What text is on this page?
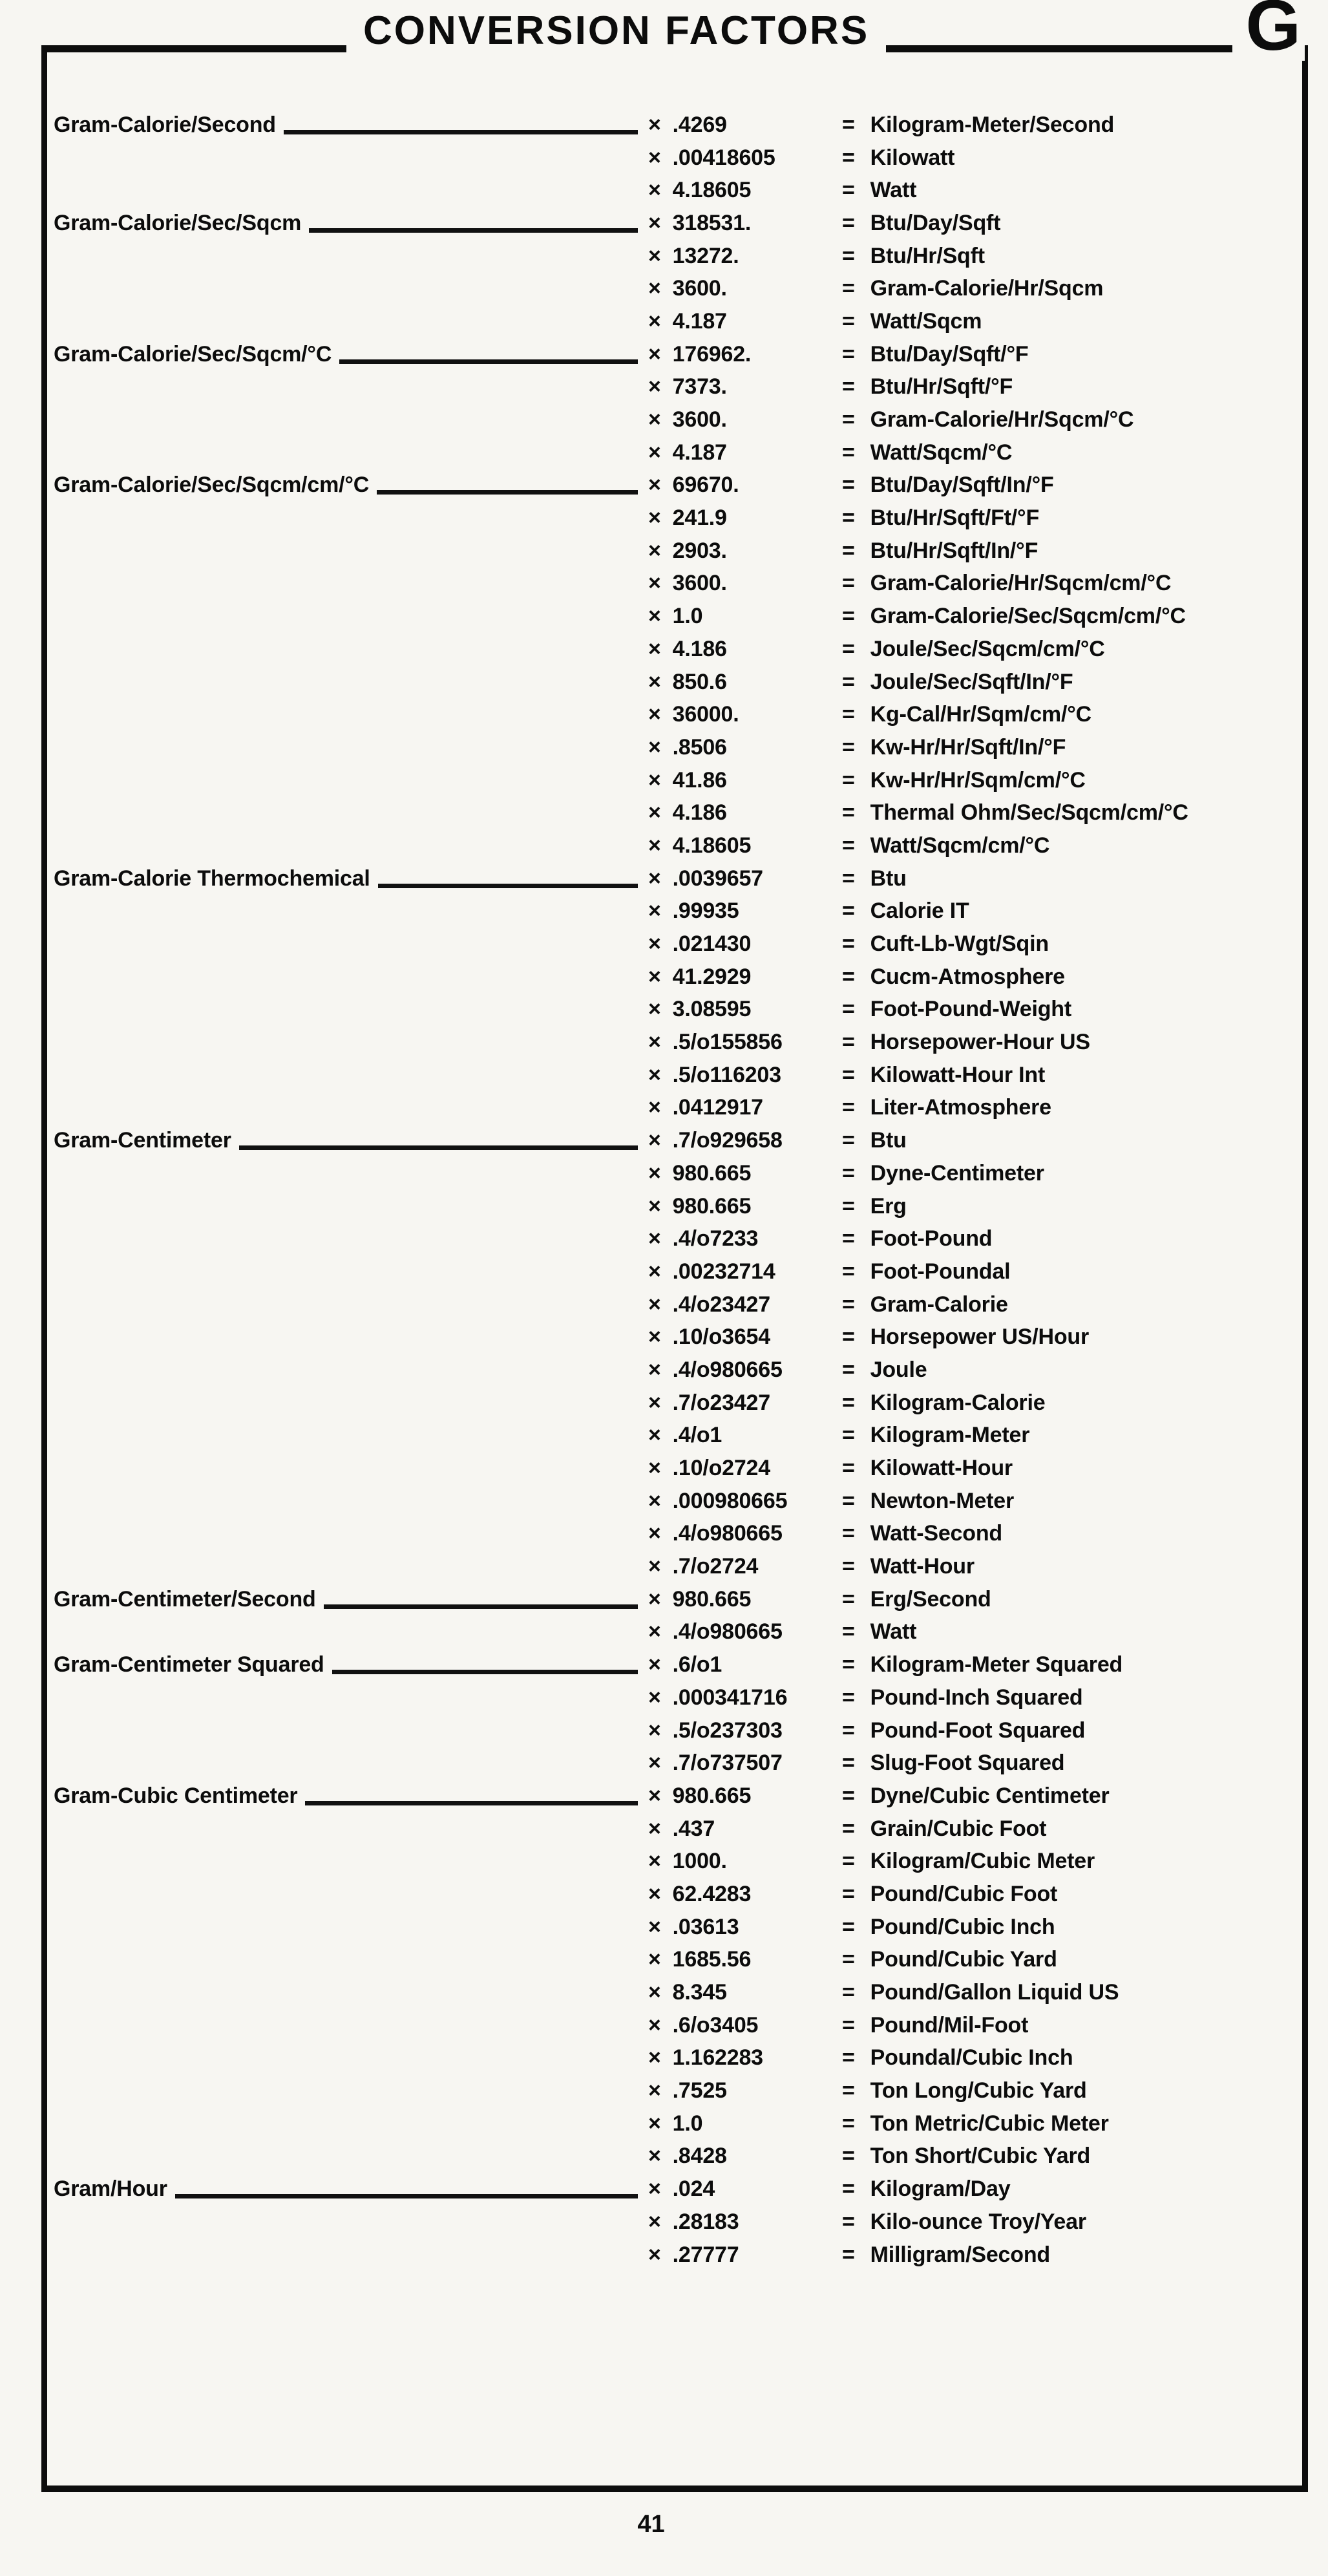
CONVERSION FACTORS	G
Gram-Calorie/Second	× .4269	= Kilogram-Meter/Second
× .00418605	= Kilowatt
× 4.18605	= Watt
Gram-Calorie/Sec/Sqcm	× 318531.	= Btu/Day/Sqft
× 13272.	= Btu/Hr/Sqft
× 3600.	= Gram-Calorie/Hr/Sqcm
× 4.187	= Watt/Sqcm
Gram-Calorie/Sec/Sqcm/°C	× 176962.	= Btu/Day/Sqft/°F
× 7373.	= Btu/Hr/Sqft/°F
× 3600.	= Gram-Calorie/Hr/Sqcm/°C
× 4.187	= Watt/Sqcm/°C
Gram-Calorie/Sec/Sqcm/cm/°C	× 69670.	= Btu/Day/Sqft/In/°F
× 241.9	= Btu/Hr/Sqft/Ft/°F
× 2903.	= Btu/Hr/Sqft/In/°F
× 3600.	= Gram-Calorie/Hr/Sqcm/cm/°C
× 1.0	= Gram-Calorie/Sec/Sqcm/cm/°C
× 4.186	= Joule/Sec/Sqcm/cm/°C
× 850.6	= Joule/Sec/Sqft/In/°F
× 36000.	= Kg-Cal/Hr/Sqm/cm/°C
× .8506	= Kw-Hr/Hr/Sqft/In/°F
× 41.86	= Kw-Hr/Hr/Sqm/cm/°C
× 4.186	= Thermal Ohm/Sec/Sqcm/cm/°C
× 4.18605	= Watt/Sqcm/cm/°C
Gram-Calorie Thermochemical	× .0039657	= Btu
× .99935	= Calorie IT
× .021430	= Cuft-Lb-Wgt/Sqin
× 41.2929	= Cucm-Atmosphere
× 3.08595	= Foot-Pound-Weight
× .5/o155856	= Horsepower-Hour US
× .5/o116203	= Kilowatt-Hour Int
× .0412917	= Liter-Atmosphere
Gram-Centimeter	× .7/o929658	= Btu
× 980.665	= Dyne-Centimeter
× 980.665	= Erg
× .4/o7233	= Foot-Pound
× .00232714	= Foot-Poundal
× .4/o23427	= Gram-Calorie
× .10/o3654	= Horsepower US/Hour
× .4/o980665	= Joule
× .7/o23427	= Kilogram-Calorie
× .4/o1	= Kilogram-Meter
× .10/o2724	= Kilowatt-Hour
× .000980665 = Newton-Meter
× .4/o980665	= Watt-Second
× .7/o2724	= Watt-Hour
Gram-Centimeter/Second	× 980.665	= Erg/Second
× .4/o980665	= Watt
Gram-Centimeter Squared	× .6/o1	= Kilogram-Meter Squared
× .000341716 = Pound-Inch Squared
× .5/o237303	= Pound-Foot Squared
× .7/o737507	= Slug-Foot Squared
Gram-Cubic Centimeter	× 980.665	= Dyne/Cubic Centimeter
× .437	= Grain/Cubic Foot
× 1000.	= Kilogram/Cubic Meter
× 62.4283	= Pound/Cubic Foot
× .03613	= Pound/Cubic Inch
× 1685.56	= Pound/Cubic Yard
× 8.345	= Pound/Gallon Liquid US
× .6/o3405	= Pound/Mil-Foot
× 1.162283	= Poundal/Cubic Inch
× .7525	= Ton Long/Cubic Yard
× 1.0	= Ton Metric/Cubic Meter
× .8428	= Ton Short/Cubic Yard
Gram/Hour	× .024	= Kilogram/Day
× .28183	= Kilo-ounce Troy/Year
× .27777	= Milligram/Second
41
